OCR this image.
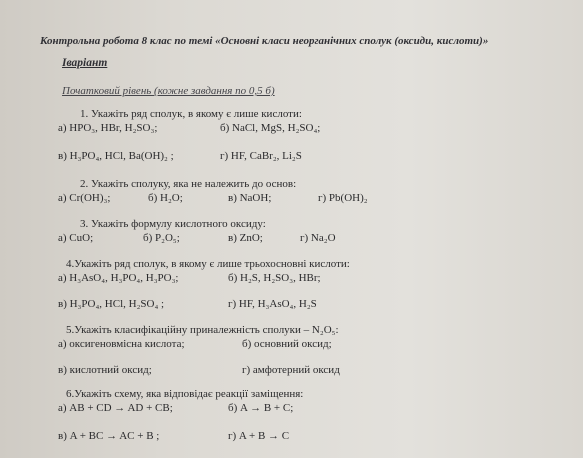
Контрольна робота 8 клас по темі «Основні класи неорганічних сполук (оксиди, кислоти)»
Іваріант
Початковий рівень (кожне завдання по 0,5 б)
1. Укажіть ряд сполук, в якому є лише кислоти:
а) HPO₃, HBr, H₂SO₃;	б) NaCl, MgS, H₂SO₄;
в) H₃PO₄, HCl, Ba(OH)₂ ;	г) HF, CaBr₂, Li₂S
2. Укажіть сполуку, яка не належить до основ:
а) Cr(OH)₃;	б) H₂O;	в) NaOH;	г) Pb(OH)₂
3. Укажіть формулу кислотного оксиду:
а) CuO;	б) P₂O₅;	в) ZnO;	г) Na₂O
4.Укажіть ряд сполук, в якому є лише трьохосновні кислоти:
а) H₃AsO₄, H₃PO₄, H₃PO₃;	б) H₂S, H₂SO₃, HBr;
в) H₃PO₄, HCl, H₂SO₄ ;	г) HF, H₃AsO₄, H₂S
5.Укажіть класифікаційну приналежність сполуки – N₂O₅:
а) оксигеновмісна кислота;	б) основний оксид;
в) кислотний оксид;	г) амфотерний оксид
6.Укажіть схему, яка відповідає реакції заміщення:
а) AB + CD → AD + CB;	б) A → B + C;
в) A + BC → AC + B ;	г) A + B → C
